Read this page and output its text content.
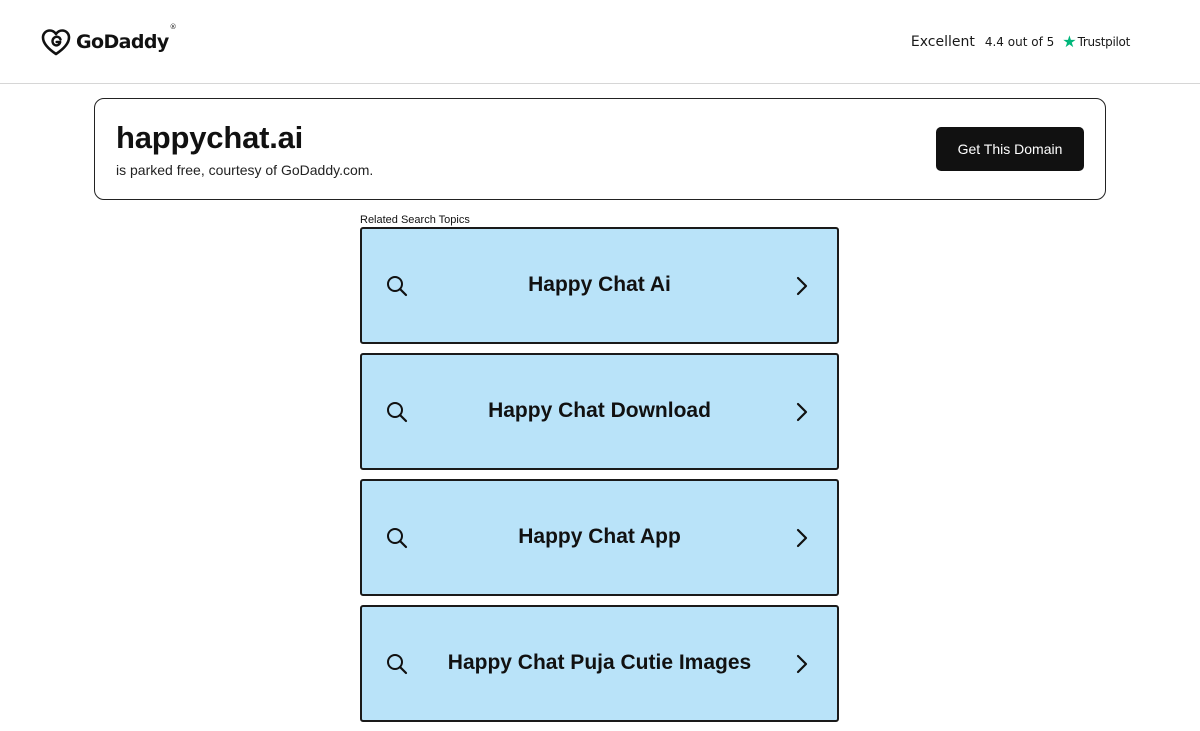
GoDaddy®
Excellent 4.4 out of 5 ★ Trustpilot
happychat.ai
is parked free, courtesy of GoDaddy.com.
Get This Domain
Related Search Topics
Happy Chat Ai
Happy Chat Download
Happy Chat App
Happy Chat Puja Cutie Images
